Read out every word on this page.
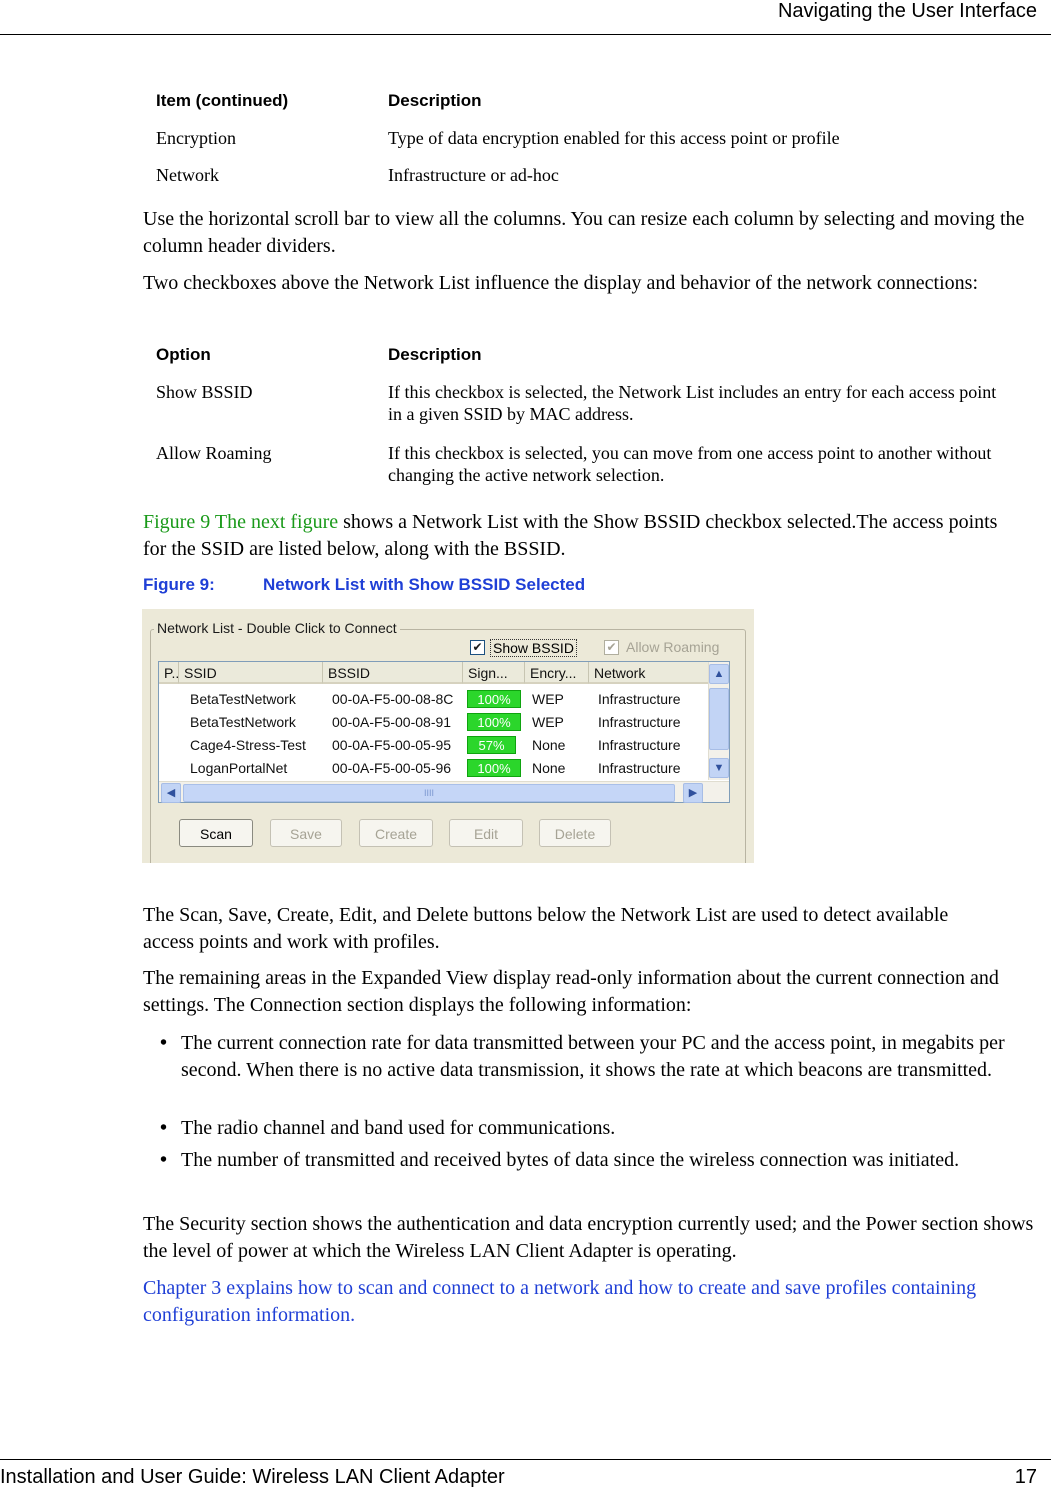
Navigating the User Interface
Item (continued)	Description
Encryption	Type of data encryption enabled for this access point or profile
Network	Infrastructure or ad-hoc
Use the horizontal scroll bar to view all the columns. You can resize each column by selecting and moving the column header dividers.
Two checkboxes above the Network List influence the display and behavior of the network connections:
Option	Description
Show BSSID	If this checkbox is selected, the Network List includes an entry for each access point in a given SSID by MAC address.
Allow Roaming	If this checkbox is selected, you can move from one access point to another without changing the active network selection.
Figure 9 The next figure shows a Network List with the Show BSSID checkbox selected.The access points for the SSID are listed below, along with the BSSID.
Figure 9:	Network List with Show BSSID Selected
Network List - Double Click to Connect
✔ Show BSSID	✔ Allow Roaming
P.. SSID	BSSID	Sign...	Encry...	Network
BetaTestNetwork	00-0A-F5-00-08-8C	100%	WEP Infrastructure
BetaTestNetwork	00-0A-F5-00-08-91	100%	WEP Infrastructure
Cage4-Stress-Test 00-0A-F5-00-05-95	57%	None Infrastructure
LoganPortalNet	00-0A-F5-00-05-96	100%	None Infrastructure
▲
▼
◀	IIII	▶
Scan	Save	Create	Edit	Delete
The Scan, Save, Create, Edit, and Delete buttons below the Network List are used to detect available access points and work with profiles.
The remaining areas in the Expanded View display read-only information about the current connection and settings. The Connection section displays the following information:
• The current connection rate for data transmitted between your PC and the access point, in megabits per second. When there is no active data transmission, it shows the rate at which beacons are transmitted.
• The radio channel and band used for communications.
• The number of transmitted and received bytes of data since the wireless connection was initiated.
The Security section shows the authentication and data encryption currently used; and the Power section shows the level of power at which the Wireless LAN Client Adapter is operating.
Chapter 3 explains how to scan and connect to a network and how to create and save profiles containing configuration information.
Installation and User Guide: Wireless LAN Client Adapter	17
